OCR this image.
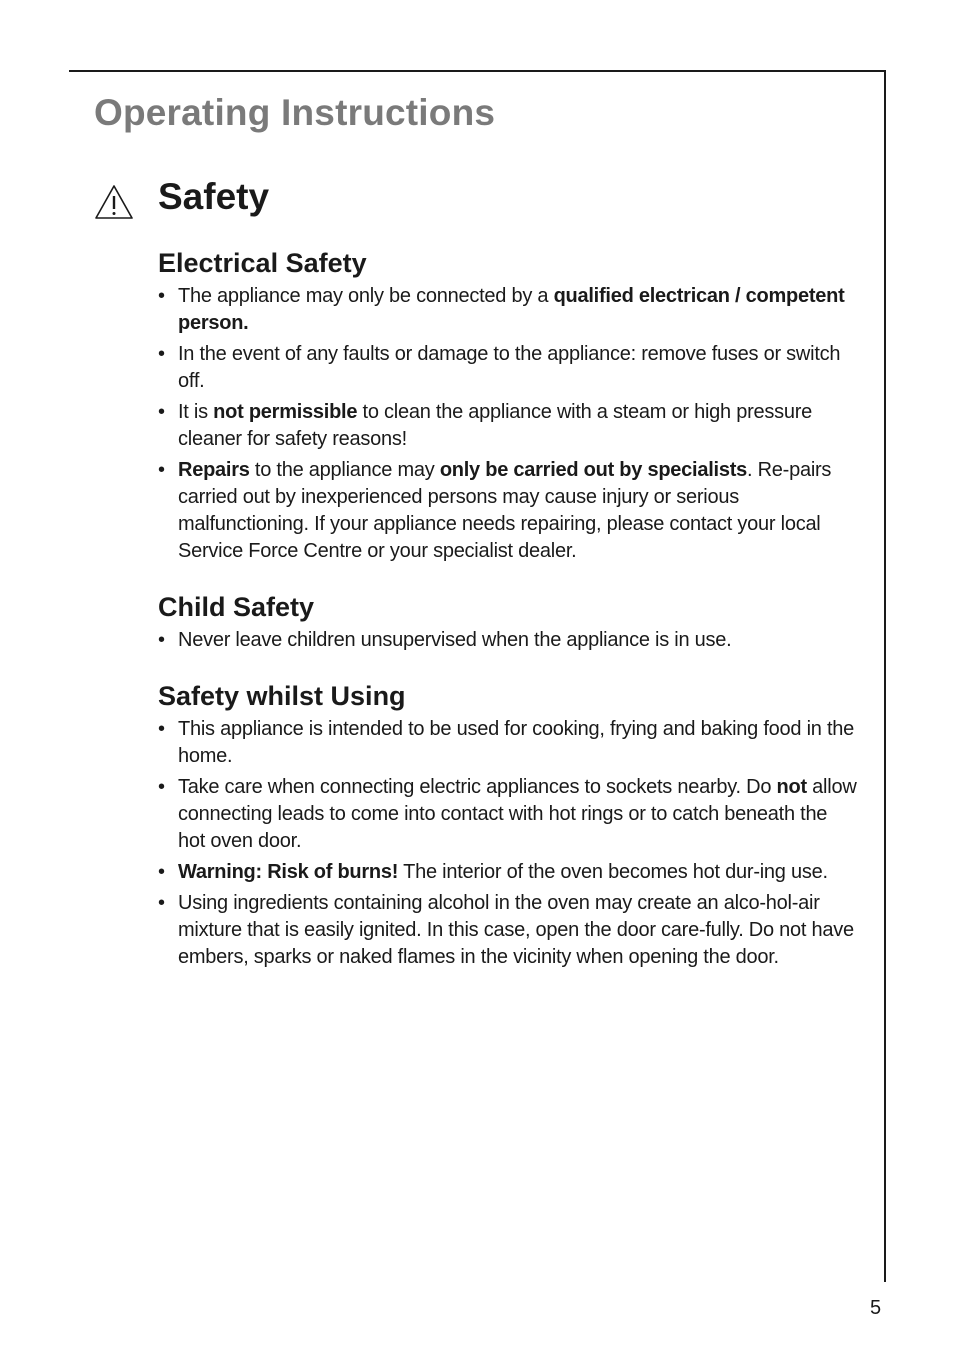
Operating Instructions
Safety
Electrical Safety
• The appliance may only be connected by a qualified electrican / competent person.
• In the event of any faults or damage to the appliance: remove fuses or switch off.
• It is not permissible to clean the appliance with a steam or high pressure cleaner for safety reasons!
• Repairs to the appliance may only be carried out by specialists. Re-pairs carried out by inexperienced persons may cause injury or serious malfunctioning. If your appliance needs repairing, please contact your local Service Force Centre or your specialist dealer.
Child Safety
• Never leave children unsupervised when the appliance is in use.
Safety whilst Using
• This appliance is intended to be used for cooking, frying and baking food in the home.
• Take care when connecting electric appliances to sockets nearby. Do not allow connecting leads to come into contact with hot rings or to catch beneath the hot oven door.
• Warning: Risk of burns! The interior of the oven becomes hot dur-ing use.
• Using ingredients containing alcohol in the oven may create an alco-hol-air mixture that is easily ignited. In this case, open the door care-fully. Do not have embers, sparks or naked flames in the vicinity when opening the door.
5
